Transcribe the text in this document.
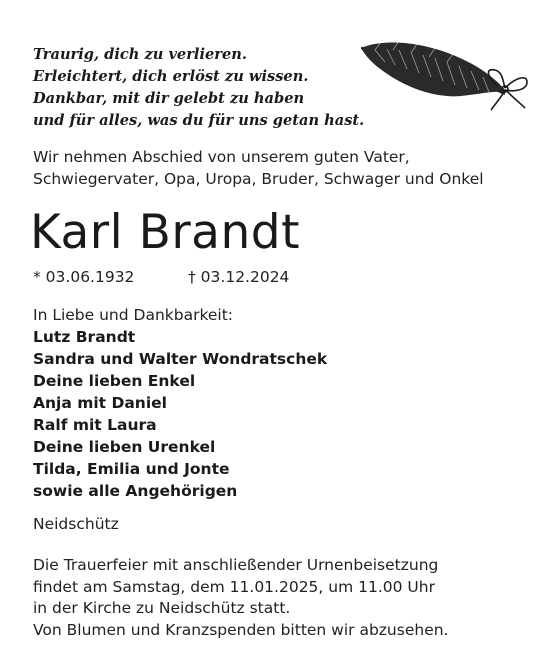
Traurig, dich zu verlieren.
Erleichtert, dich erlöst zu wissen.
Dankbar, mit dir gelebt zu haben
und für alles, was du für uns getan hast.
Wir nehmen Abschied von unserem guten Vater,
Schwiegervater, Opa, Uropa, Bruder, Schwager und Onkel
Karl Brandt
* 03.06.1932	† 03.12.2024
In Liebe und Dankbarkeit:
Lutz Brandt
Sandra und Walter Wondratschek
Deine lieben Enkel
Anja mit Daniel
Ralf mit Laura
Deine lieben Urenkel
Tilda, Emilia und Jonte
sowie alle Angehörigen
Neidschütz
Die Trauerfeier mit anschließender Urnenbeisetzung
findet am Samstag, dem 11.01.2025, um 11.00 Uhr
in der Kirche zu Neidschütz statt.
Von Blumen und Kranzspenden bitten wir abzusehen.
